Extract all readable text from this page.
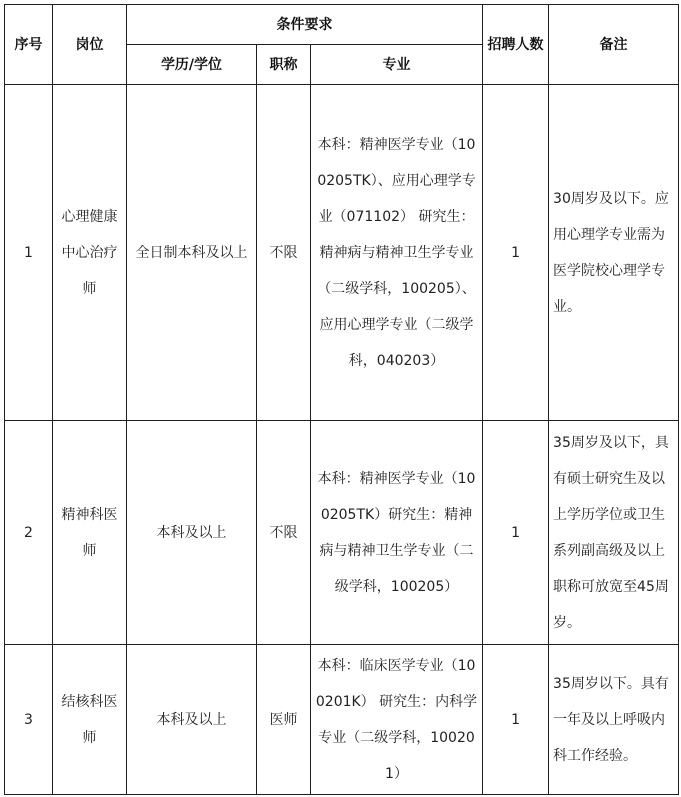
序号	岗位	条件要求			招聘人数	备注
		学历/学位	职称	专业		
1	心理健康中心治疗师	全日制本科及以上	不限	本科：精神医学专业（100205TK）、应用心理学专业（071102） 研究生：精神病与精神卫生学专业（二级学科，100205）、应用心理学专业（二级学科，040203）	1	30周岁及以下。应用心理学专业需为医学院校心理学专业。
2	精神科医师	本科及以上	不限	本科：精神医学专业（100205TK）研究生：精神病与精神卫生学专业（二级学科，100205）	1	35周岁及以下，具有硕士研究生及以上学历学位或卫生系列副高级及以上职称可放宽至45周岁。
3	结核科医师	本科及以上	医师	本科：临床医学专业（100201K） 研究生：内科学专业（二级学科，100201）	1	35周岁以下。具有一年及以上呼吸内科工作经验。
